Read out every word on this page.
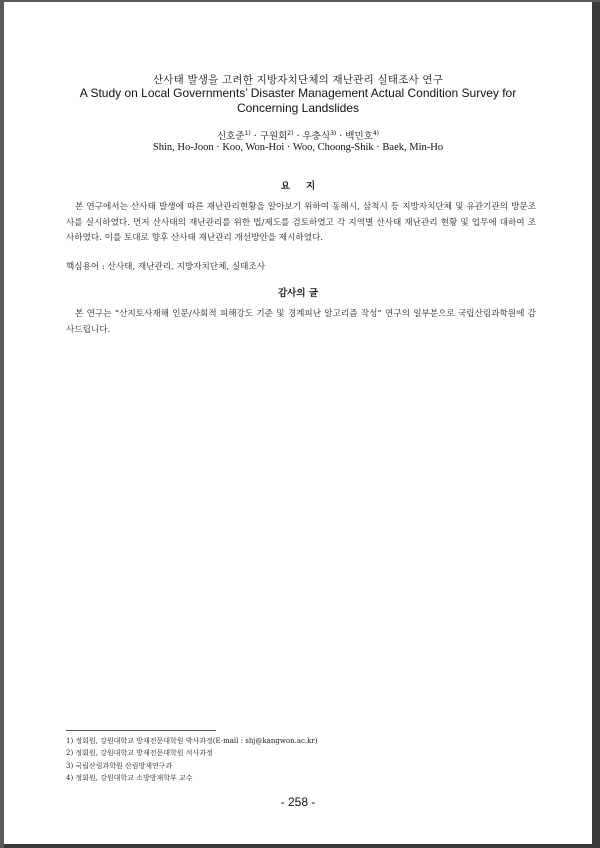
산사태 발생을 고려한 지방자치단체의 재난관리 실태조사 연구
A Study on Local Governments’ Disaster Management Actual Condition Survey for Concerning Landslides
신호준$^{1)}$ · 구원회$^{2)}$ · 우충식$^{3)}$ · 백민호$^{4)}$
Shin, Ho-Joon · Koo, Won-Hoi · Woo, Choong-Shik · Baek, Min-Ho
요지
본 연구에서는 산사태 발생에 따른 재난관리현황을 알아보기 위하여 동해시, 삼척시 등 지방자치단체 및 유관기관의 방문조사를 실시하였다. 먼저 산사태의 재난관리를 위한 법/제도를 검토하였고 각 지역별 산사태 재난관리 현황 및 업무에 대하여 조사하였다. 이를 토대로 향후 산사태 재난관리 개선방안을 제시하였다.
핵심용어 : 산사태, 재난관리, 지방자치단체, 실태조사
감사의 글
본 연구는 “산지토사재해 인문/사회적 피해강도 기준 및 경계피난 알고리즘 작성” 연구의 일부분으로 국립산림과학원에 감사드립니다.
1) 정회원, 강원대학교 방재전문대학원 박사과정(E-mail : shj@kangwon.ac.kr)
2) 정회원, 강원대학교 방재전문대학원 석사과정
3) 국립산림과학원 산림방재연구과
4) 정회원, 강원대학교 소방방재학부 교수
- 258 -
